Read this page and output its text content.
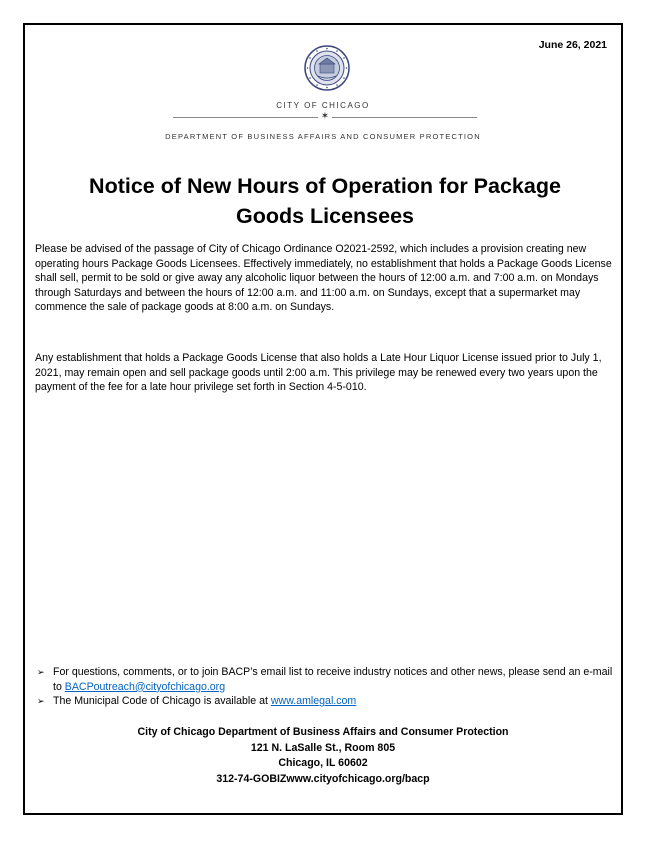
June 26, 2021
CITY OF CHICAGO
✶
DEPARTMENT OF BUSINESS AFFAIRS AND CONSUMER PROTECTION
Notice of New Hours of Operation for Package Goods Licensees

Please be advised of the passage of City of Chicago Ordinance O2021-2592, which includes a provision creating new operating hours Package Goods Licensees. Effectively immediately, no establishment that holds a Package Goods License shall sell, permit to be sold or give away any alcoholic liquor between the hours of 12:00 a.m. and 7:00 a.m. on Mondays through Saturdays and between the hours of 12:00 a.m. and 11:00 a.m. on Sundays, except that a supermarket may commence the sale of package goods at 8:00 a.m. on Sundays.

Any establishment that holds a Package Goods License that also holds a Late Hour Liquor License issued prior to July 1, 2021, may remain open and sell package goods until 2:00 a.m. This privilege may be renewed every two years upon the payment of the fee for a late hour privilege set forth in Section 4-5-010.

➢ For questions, comments, or to join BACP’s email list to receive industry notices and other news, please send an e-mail to BACPoutreach@cityofchicago.org
➢ The Municipal Code of Chicago is available at www.amlegal.com
City of Chicago Department of Business Affairs and Consumer Protection
121 N. LaSalle St., Room 805
Chicago, IL 60602
312-74-GOBIZwww.cityofchicago.org/bacp
